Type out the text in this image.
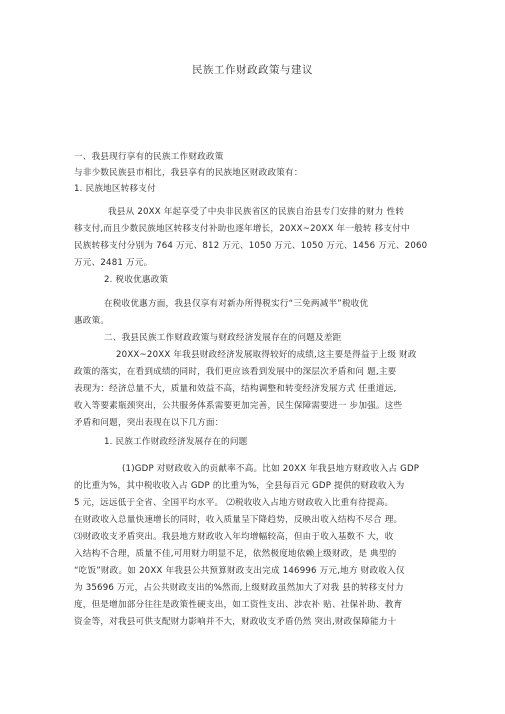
民族工作财政政策与建议
一、我县现行享有的民族工作财政政策
与非少数民族县市相比，我县享有的民族地区财政政策有：
1. 民族地区转移支付
我县从 20XX 年起享受了中央非民族省区的民族自治县专门安排的财力 性转
移支付,而且少数民族地区转移支付补助也逐年增长，20XX~20XX 年一般转 移支付中
民族转移支付分别为 764 万元、812 万元、1050 万元、1050 万元、1456 万元、2060
万元、2481 万元。
2. 税收优惠政策
在税收优惠方面，我县仅享有对新办所得税实行“三免两减半”税收优
惠政策。
二、我县民族工作财政政策与财政经济发展存在的问题及差距
20XX~20XX 年我县财政经济发展取得较好的成绩,这主要是得益于上级 财政
政策的落实，在看到成绩的同时，我们更应该看到发展中的深层次矛盾和问 题,主要
表现为：经济总量不大，质量和效益不高，结构调整和转变经济发展方式 任重道远,
收入等要素瓶颈突出，公共服务体系需要更加完善，民生保障需要进一 步加强。这些
矛盾和问题，突出表现在以下几方面：
1. 民族工作财政经济发展存在的问题
(1)GDP 对财政收入的贡献率不高。比如 20XX 年我县地方财政收入占 GDP
的比重为%，其中税收收入占 GDP 的比重为%，全县每百元 GDP 提供的财政收入为
5 元，远远低于全省、全国平均水平。 ⑵税收收入占地方财政收入比重有待提高。
在财政收入总量快速增长的同时，收入质量呈下降趋势，反映出收入结构不尽合 理。
⑶财政收支矛盾突出。我县地方财政收入年均增幅较高，但由于收入基数不 大，收
入结构不合理，质量不佳,可用财力明显不足，依然极度地依赖上级财政，是 典型的
“吃饭”财政。如 20XX 年我县公共预算财政支出完成 146996 万元,地方 财政收入仅
为 35696 万元，占公共财政支出的%然而,上级财政虽然加大了对我 县的转移支付力
度，但是增加部分往往是政策性硬支出，如工资性支出、涉农补 贴、社保补助、教育
资金等，对我县可供支配财力影响并不大，财政收支矛盾仍然 突出,财政保障能力十
